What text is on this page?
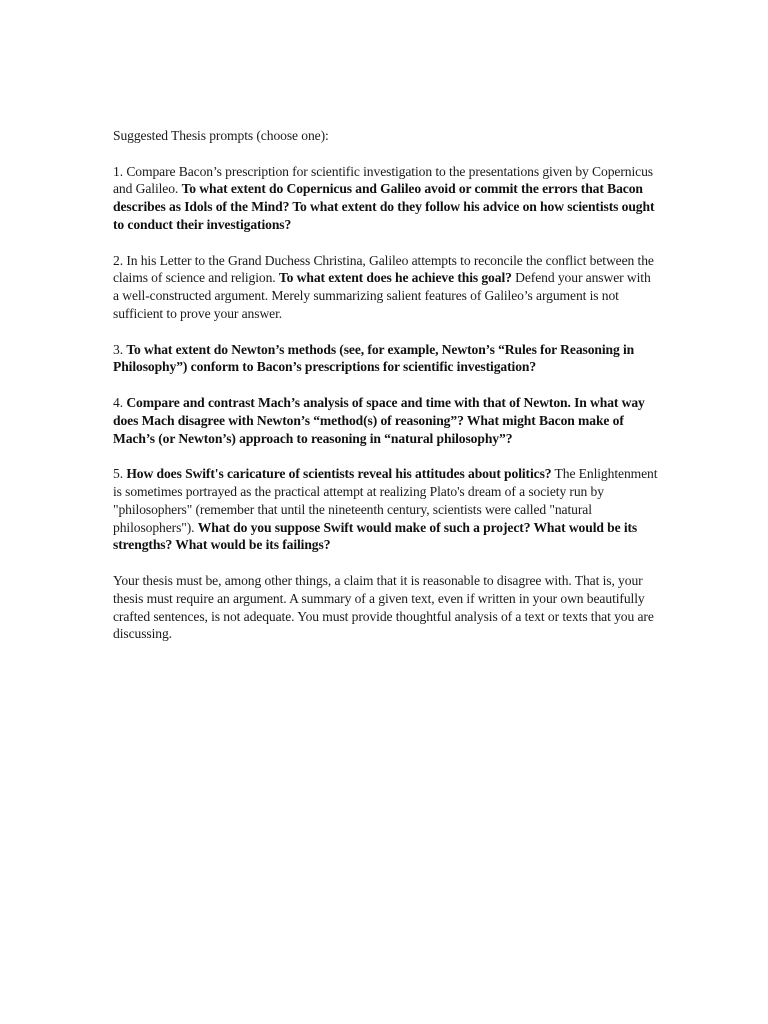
Suggested Thesis prompts (choose one):

1. Compare Bacon’s prescription for scientific investigation to the presentations given by Copernicus and Galileo. To what extent do Copernicus and Galileo avoid or commit the errors that Bacon describes as Idols of the Mind? To what extent do they follow his advice on how scientists ought to conduct their investigations?

2. In his Letter to the Grand Duchess Christina, Galileo attempts to reconcile the conflict between the claims of science and religion. To what extent does he achieve this goal? Defend your answer with a well-constructed argument. Merely summarizing salient features of Galileo’s argument is not sufficient to prove your answer.

3. To what extent do Newton’s methods (see, for example, Newton’s “Rules for Reasoning in Philosophy”) conform to Bacon’s prescriptions for scientific investigation?

4. Compare and contrast Mach’s analysis of space and time with that of Newton. In what way does Mach disagree with Newton’s “method(s) of reasoning”? What might Bacon make of Mach’s (or Newton’s) approach to reasoning in “natural philosophy”?

5. How does Swift's caricature of scientists reveal his attitudes about politics? The Enlightenment is sometimes portrayed as the practical attempt at realizing Plato's dream of a society run by "philosophers" (remember that until the nineteenth century, scientists were called "natural philosophers"). What do you suppose Swift would make of such a project? What would be its strengths? What would be its failings?

Your thesis must be, among other things, a claim that it is reasonable to disagree with. That is, your thesis must require an argument. A summary of a given text, even if written in your own beautifully crafted sentences, is not adequate. You must provide thoughtful analysis of a text or texts that you are discussing.
